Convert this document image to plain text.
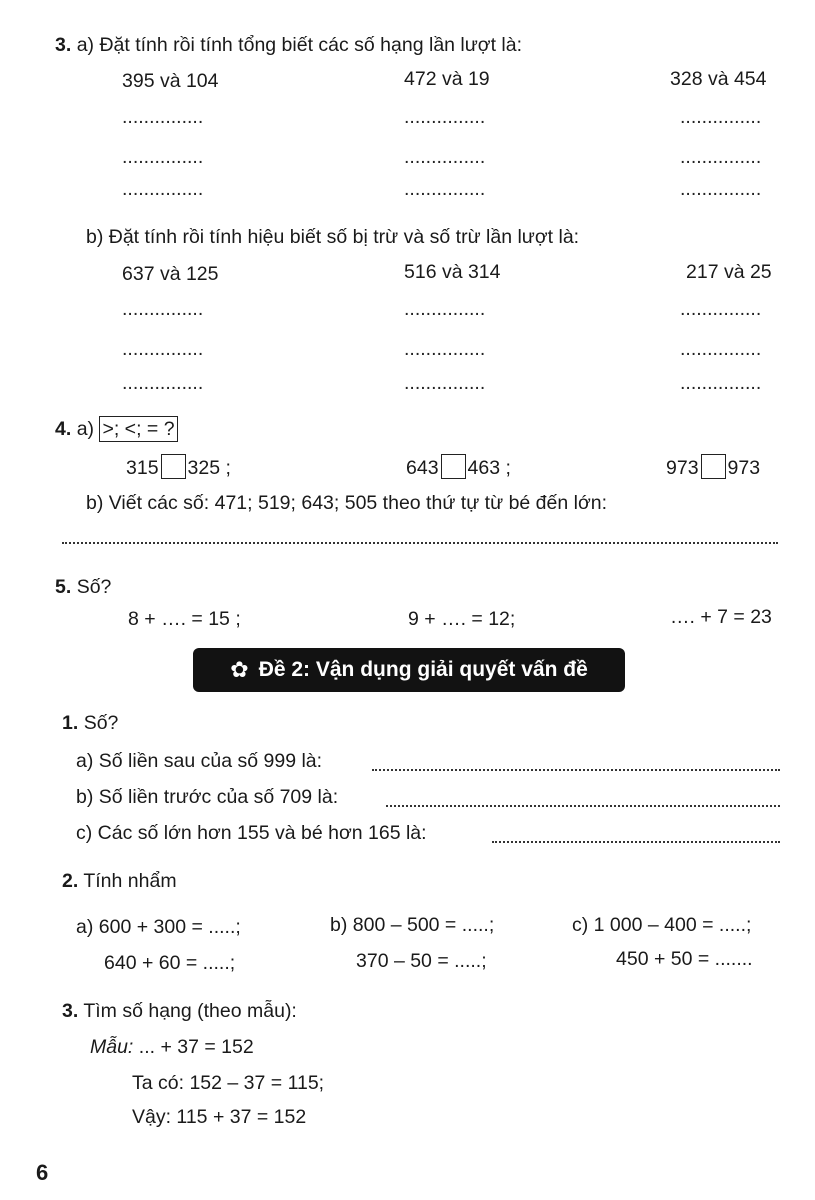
3. a) Đặt tính rồi tính tổng biết các số hạng lần lượt là:
395 và 104	472 và 19	328 và 454
...............
...............
...............
...............
...............
...............
...............
...............
...............
b) Đặt tính rồi tính hiệu biết số bị trừ và số trừ lần lượt là:
637 và 125	516 và 314	217 và 25
...............
...............
...............
...............
...............
...............
...............
...............
...............
4. a) >; <; = ?
315 325 ;	643 463 ;	973 973
b) Viết các số: 471; 519; 643; 505 theo thứ tự từ bé đến lớn:
5. Số?
8 + …. = 15 ;	9 + …. = 12;	…. + 7 = 23
✿ Đề 2: Vận dụng giải quyết vấn đề
1. Số?
a) Số liền sau của số 999 là:
b) Số liền trước của số 709 là:
c) Các số lớn hơn 155 và bé hơn 165 là:
2. Tính nhẩm
a) 600 + 300 = .....;	b) 800 – 500 = .....;	c) 1 000 – 400 = .....;
640 + 60 = .....;	370 – 50 = .....;	450 + 50 = .......
3. Tìm số hạng (theo mẫu):
Mẫu: ... + 37 = 152
Ta có: 152 – 37 = 115;
Vậy: 115 + 37 = 152
6
